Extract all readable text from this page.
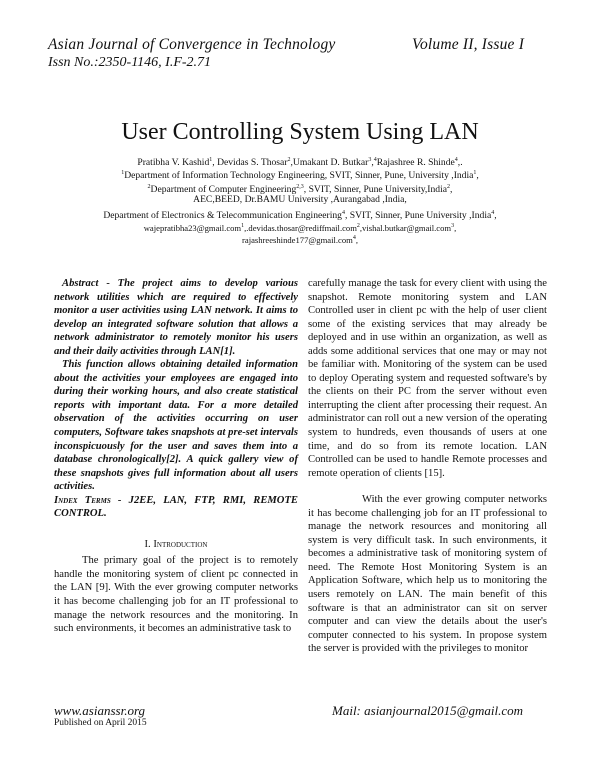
Asian Journal of Convergence in Technology	Volume II, Issue I
Issn No.:2350-1146, I.F-2.71
User Controlling System Using LAN
Pratibha V. Kashid$^1$, Devidas S. Thosar$^2$,Umakant D. Butkar$^3$,$^4$Rajashree R. Shinde$^4$,.
$^1$Department of Information Technology Engineering, SVIT, Sinner, Pune, University ,India$^1$,
$^2$Department of Computer Engineering$^{2,3}$, SVIT, Sinner, Pune University,India$^2$,
AEC,BEED, Dr.BAMU University ,Aurangabad ,India,
Department of Electronics & Telecommunication Engineering$^4$, SVIT, Sinner, Pune University ,India$^4$,
wajepratibha23@gmail.com$^1$,.devidas.thosar@rediffmail.com$^2$,vishal.butkar@gmail.com$^3$,
rajashreeshinde177@gmail.com$^4$,

Abstract - The project aims to develop various network utilities which are required to effectively monitor a user activities using LAN network. It aims to develop an integrated software solution that allows a network administrator to remotely monitor his users and their daily activities through LAN[1].

This function allows obtaining detailed information about the activities your employees are engaged into during their working hours, and also create statistical reports with important data. For a more detailed observation of the activities occurring on user computers, Software takes snapshots at pre-set intervals inconspicuously for the user and saves them into a database chronologically[2]. A quick gallery view of these snapshots gives full information about all users activities.

Index Terms - J2EE, LAN, FTP, RMI, REMOTE CONTROL.

I. Introduction

The primary goal of the project is to remotely handle the monitoring system of client pc connected in the LAN [9]. With the ever growing computer networks it has become challenging job for an IT professional to manage the network resources and the monitoring. In such environments, it becomes an administrative task to

carefully manage the task for every client with using the snapshot. Remote monitoring system and LAN Controlled user in client pc with the help of user client some of the existing services that may already be deployed and in use within an organization, as well as adds some additional services that one may or may not be familiar with. Monitoring of the system can be used to deploy Operating system and requested software's by the clients on their PC from the server without even interrupting the client after processing their request. An administrator can roll out a new version of the operating system to hundreds, even thousands of users at one time, and do so from its remote location. LAN Controlled can be used to handle Remote processes and remote operation of clients [15].

With the ever growing computer networks it has become challenging job for an IT professional to manage the network resources and monitoring all system is very difficult task. In such environments, it becomes a administrative task of monitoring system of need. The Remote Host Monitoring System is an Application Software, which help us to monitoring the users remotely on LAN. The main benefit of this software is that an administrator can sit on server computer and can view the details about the user's computer connected to his system. In propose system the server is provided with the privileges to monitor

www.asianssr.org
Published on April 2015
Mail: asianjournal2015@gmail.com
